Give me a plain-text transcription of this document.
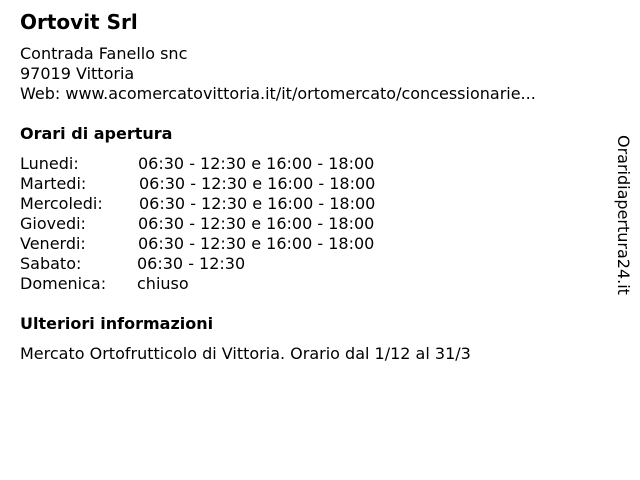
Ortovit Srl
Contrada Fanello snc
97019 Vittoria
Web: www.acomercatovittoria.it/it/ortomercato/concessionarie...
Orari di apertura
Lunedi:	06:30 - 12:30 e 16:00 - 18:00
Martedi:	06:30 - 12:30 e 16:00 - 18:00
Mercoledi: 06:30 - 12:30 e 16:00 - 18:00
Giovedi:	06:30 - 12:30 e 16:00 - 18:00
Venerdi:	06:30 - 12:30 e 16:00 - 18:00
Sabato:	06:30 - 12:30
Domenica: chiuso
Ulteriori informazioni
Mercato Ortofrutticolo di Vittoria. Orario dal 1/12 al 31/3
Oraridiapertura24.it
